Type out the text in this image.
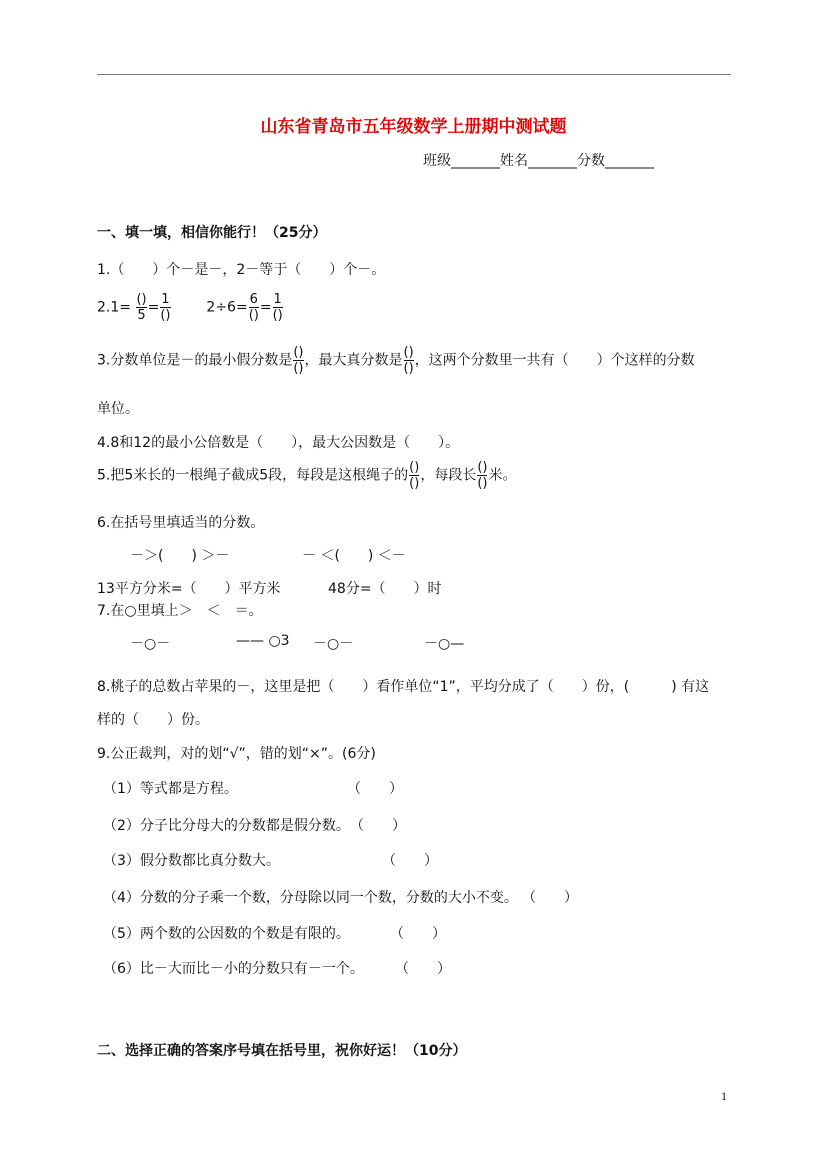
山东省青岛市五年级数学上册期中测试题
班级_______姓名_______分数_______
一、填一填，相信你能行！（25分）
1.（　　）个－是－，2－等于（　　）个－。
$2.1= \frac{()}{5} = \frac{1}{()}$	$2\div 6= \frac{6}{()} = \frac{1}{()}$
3.分数单位是－的最小假分数是 $\frac{()}{()}$ ，最大真分数是 $\frac{()}{()}$ ，这两个分数里一共有（　　）个这样的分数
单位。
4.8和12的最小公倍数是（　　），最大公因数是（　　）。
5.把5米长的一根绳子截成5段，每段是这根绳子的 $\frac{()}{()}$ ，每段长 $\frac{()}{()}$ 米。
6.在括号里填适当的分数。
－＞(　　) ＞－	－ ＜(　　) ＜－
13平方分米=（　　）平方米	48分=（　　）时
7.在○里填上＞　＜　＝。
－○－	—— ○3 －○－	－○—
8.桃子的总数占苹果的－，这里是把（　　）看作单位“1”，平均分成了（　　）份，(　　　) 有这
样的（　　）份。
9.公正裁判，对的划“√”，错的划“×”。(6分)
（1）等式都是方程。	（　　）
（2）分子比分母大的分数都是假分数。 （　　）
（3）假分数都比真分数大。	（　　）
（4）分数的分子乘一个数，分母除以同一个数，分数的大小不变。 （　　）
（5）两个数的公因数的个数是有限的。	（　　）
（6）比－大而比－小的分数只有－一个。 （　　）
二、选择正确的答案序号填在括号里，祝你好运！（10分）
1
